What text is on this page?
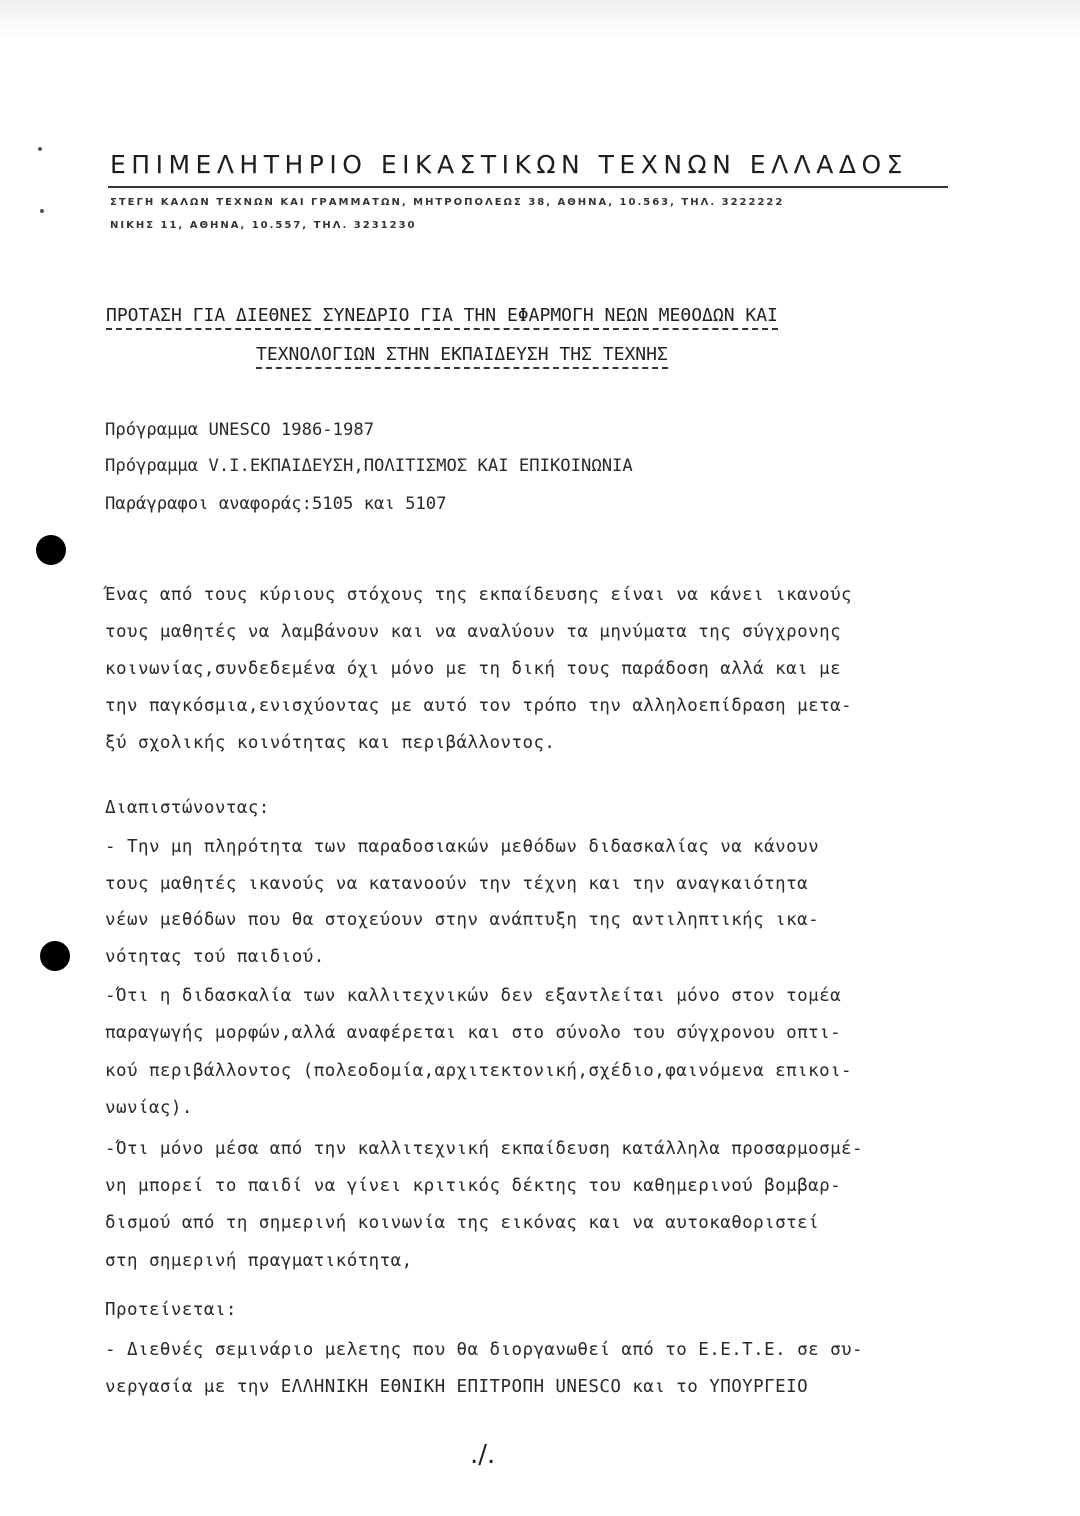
ΕΠΙΜΕΛΗΤΗΡΙΟ ΕΙΚΑΣΤΙΚΩΝ ΤΕΧΝΩΝ ΕΛΛΑΔΟΣ
ΣΤΕΓΗ ΚΑΛΩΝ ΤΕΧΝΩΝ ΚΑΙ ΓΡΑΜΜΑΤΩΝ, ΜΗΤΡΟΠΟΛΕΩΣ 38, ΑΘΗΝΑ, 10.563, ΤΗΛ. 3222222
ΝΙΚΗΣ 11, ΑΘΗΝΑ, 10.557, ΤΗΛ. 3231230
ΠΡΟΤΑΣΗ ΓΙΑ ΔΙΕΘΝΕΣ ΣΥΝΕΔΡΙΟ ΓΙΑ ΤΗΝ ΕΦΑΡΜΟΓΗ ΝΕΩΝ ΜΕΘΟΔΩΝ ΚΑΙ
ΤΕΧΝΟΛΟΓΙΩΝ ΣΤΗΝ ΕΚΠΑΙΔΕΥΣΗ ΤΗΣ ΤΕΧΝΗΣ
Πρόγραμμα UNESCO 1986-1987
Πρόγραμμα V.I.ΕΚΠΑΙΔΕΥΣΗ,ΠΟΛΙΤΙΣΜΟΣ ΚΑΙ ΕΠΙΚΟΙΝΩΝΙΑ
Παράγραφοι αναφοράς:5105 και 5107
Ένας από τους κύριους στόχους της εκπαίδευσης είναι να κάνει ικανούς
τους μαθητές να λαμβάνουν και να αναλύουν τα μηνύματα της σύγχρονης
κοινωνίας,συνδεδεμένα όχι μόνο με τη δική τους παράδοση αλλά και με
την παγκόσμια,ενισχύοντας με αυτό τον τρόπο την αλληλοεπίδραση μετα-
ξύ σχολικής κοινότητας και περιβάλλοντος.
Διαπιστώνοντας:
- Την μη πληρότητα των παραδοσιακών μεθόδων διδασκαλίας να κάνουν
τους μαθητές ικανούς να κατανοούν την τέχνη και την αναγκαιότητα
νέων μεθόδων που θα στοχεύουν στην ανάπτυξη της αντιληπτικής ικα-
νότητας τού παιδιού.
-Ότι η διδασκαλία των καλλιτεχνικών δεν εξαντλείται μόνο στον τομέα
παραγωγής μορφών,αλλά αναφέρεται και στο σύνολο του σύγχρονου οπτι-
κού περιβάλλοντος (πολεοδομία,αρχιτεκτονική,σχέδιο,φαινόμενα επικοι-
νωνίας).
-Ότι μόνο μέσα από την καλλιτεχνική εκπαίδευση κατάλληλα προσαρμοσμέ-
νη μπορεί το παιδί να γίνει κριτικός δέκτης του καθημερινού βομβαρ-
δισμού από τη σημερινή κοινωνία της εικόνας και να αυτοκαθοριστεί
στη σημερινή πραγματικότητα,
Προτείνεται:
- Διεθνές σεμινάριο μελετης που θα διοργανωθεί από το Ε.Ε.Τ.Ε. σε συ-
νεργασία με την ΕΛΛΗΝΙΚΗ ΕΘΝΙΚΗ ΕΠΙΤΡΟΠΗ UNESCO και το ΥΠΟΥΡΓΕΙΟ
./.
